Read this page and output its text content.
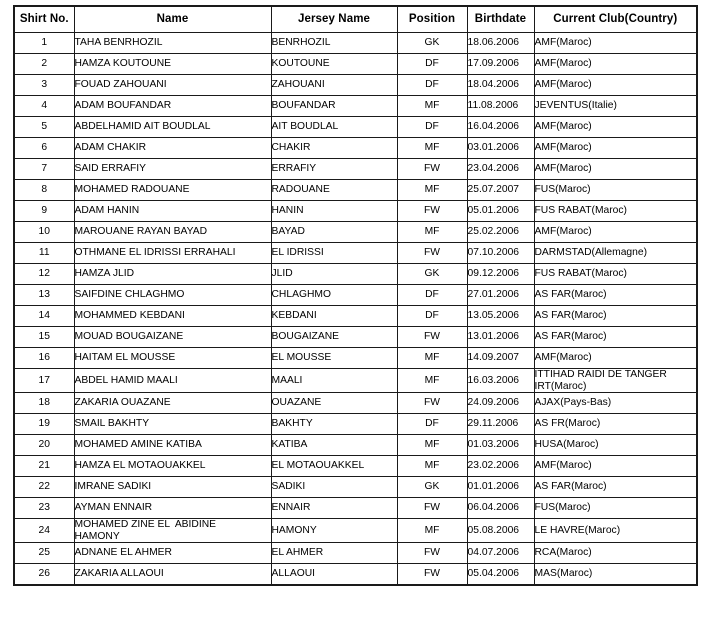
Shirt No.	Name	Jersey Name	Position	Birthdate	Current Club(Country)
1	TAHA BENRHOZIL	BENRHOZIL	GK	18.06.2006	AMF(Maroc)
2	HAMZA KOUTOUNE	KOUTOUNE	DF	17.09.2006	AMF(Maroc)
3	FOUAD ZAHOUANI	ZAHOUANI	DF	18.04.2006	AMF(Maroc)
4	ADAM BOUFANDAR	BOUFANDAR	MF	11.08.2006	JEVENTUS(Italie)
5	ABDELHAMID AIT BOUDLAL	AIT BOUDLAL	DF	16.04.2006	AMF(Maroc)
6	ADAM CHAKIR	CHAKIR	MF	03.01.2006	AMF(Maroc)
7	SAID ERRAFIY	ERRAFIY	FW	23.04.2006	AMF(Maroc)
8	MOHAMED RADOUANE	RADOUANE	MF	25.07.2007	FUS(Maroc)
9	ADAM HANIN	HANIN	FW	05.01.2006	FUS RABAT(Maroc)
10	MAROUANE RAYAN BAYAD	BAYAD	MF	25.02.2006	AMF(Maroc)
11	OTHMANE EL IDRISSI ERRAHALI	EL IDRISSI	FW	07.10.2006	DARMSTAD(Allemagne)
12	HAMZA JLID	JLID	GK	09.12.2006	FUS RABAT(Maroc)
13	SAIFDINE CHLAGHMO	CHLAGHMO	DF	27.01.2006	AS FAR(Maroc)
14	MOHAMMED KEBDANI	KEBDANI	DF	13.05.2006	AS FAR(Maroc)
15	MOUAD BOUGAIZANE	BOUGAIZANE	FW	13.01.2006	AS FAR(Maroc)
16	HAITAM EL MOUSSE	EL MOUSSE	MF	14.09.2007	AMF(Maroc)
17	ABDEL HAMID MAALI	MAALI	MF	16.03.2006	ITTIHAD RAIDI DE TANGER
IRT(Maroc)

18	ZAKARIA OUAZANE	OUAZANE	FW	24.09.2006	AJAX(Pays-Bas)
19	SMAIL BAKHTY	BAKHTY	DF	29.11.2006	AS FR(Maroc)
20	MOHAMED AMINE KATIBA	KATIBA	MF	01.03.2006	HUSA(Maroc)
21	HAMZA EL MOTAOUAKKEL	EL MOTAOUAKKEL	MF	23.02.2006	AMF(Maroc)
22	IMRANE SADIKI	SADIKI	GK	01.01.2006	AS FAR(Maroc)
23	AYMAN ENNAIR	ENNAIR	FW	06.04.2006	FUS(Maroc)
24	MOHAMED ZINE EL  ABIDINE
HAMONY	HAMONY	MF	05.08.2006	LE HAVRE(Maroc)
25	ADNANE EL AHMER	EL AHMER	FW	04.07.2006	RCA(Maroc)
26	ZAKARIA ALLAOUI	ALLAOUI	FW	05.04.2006	MAS(Maroc)
